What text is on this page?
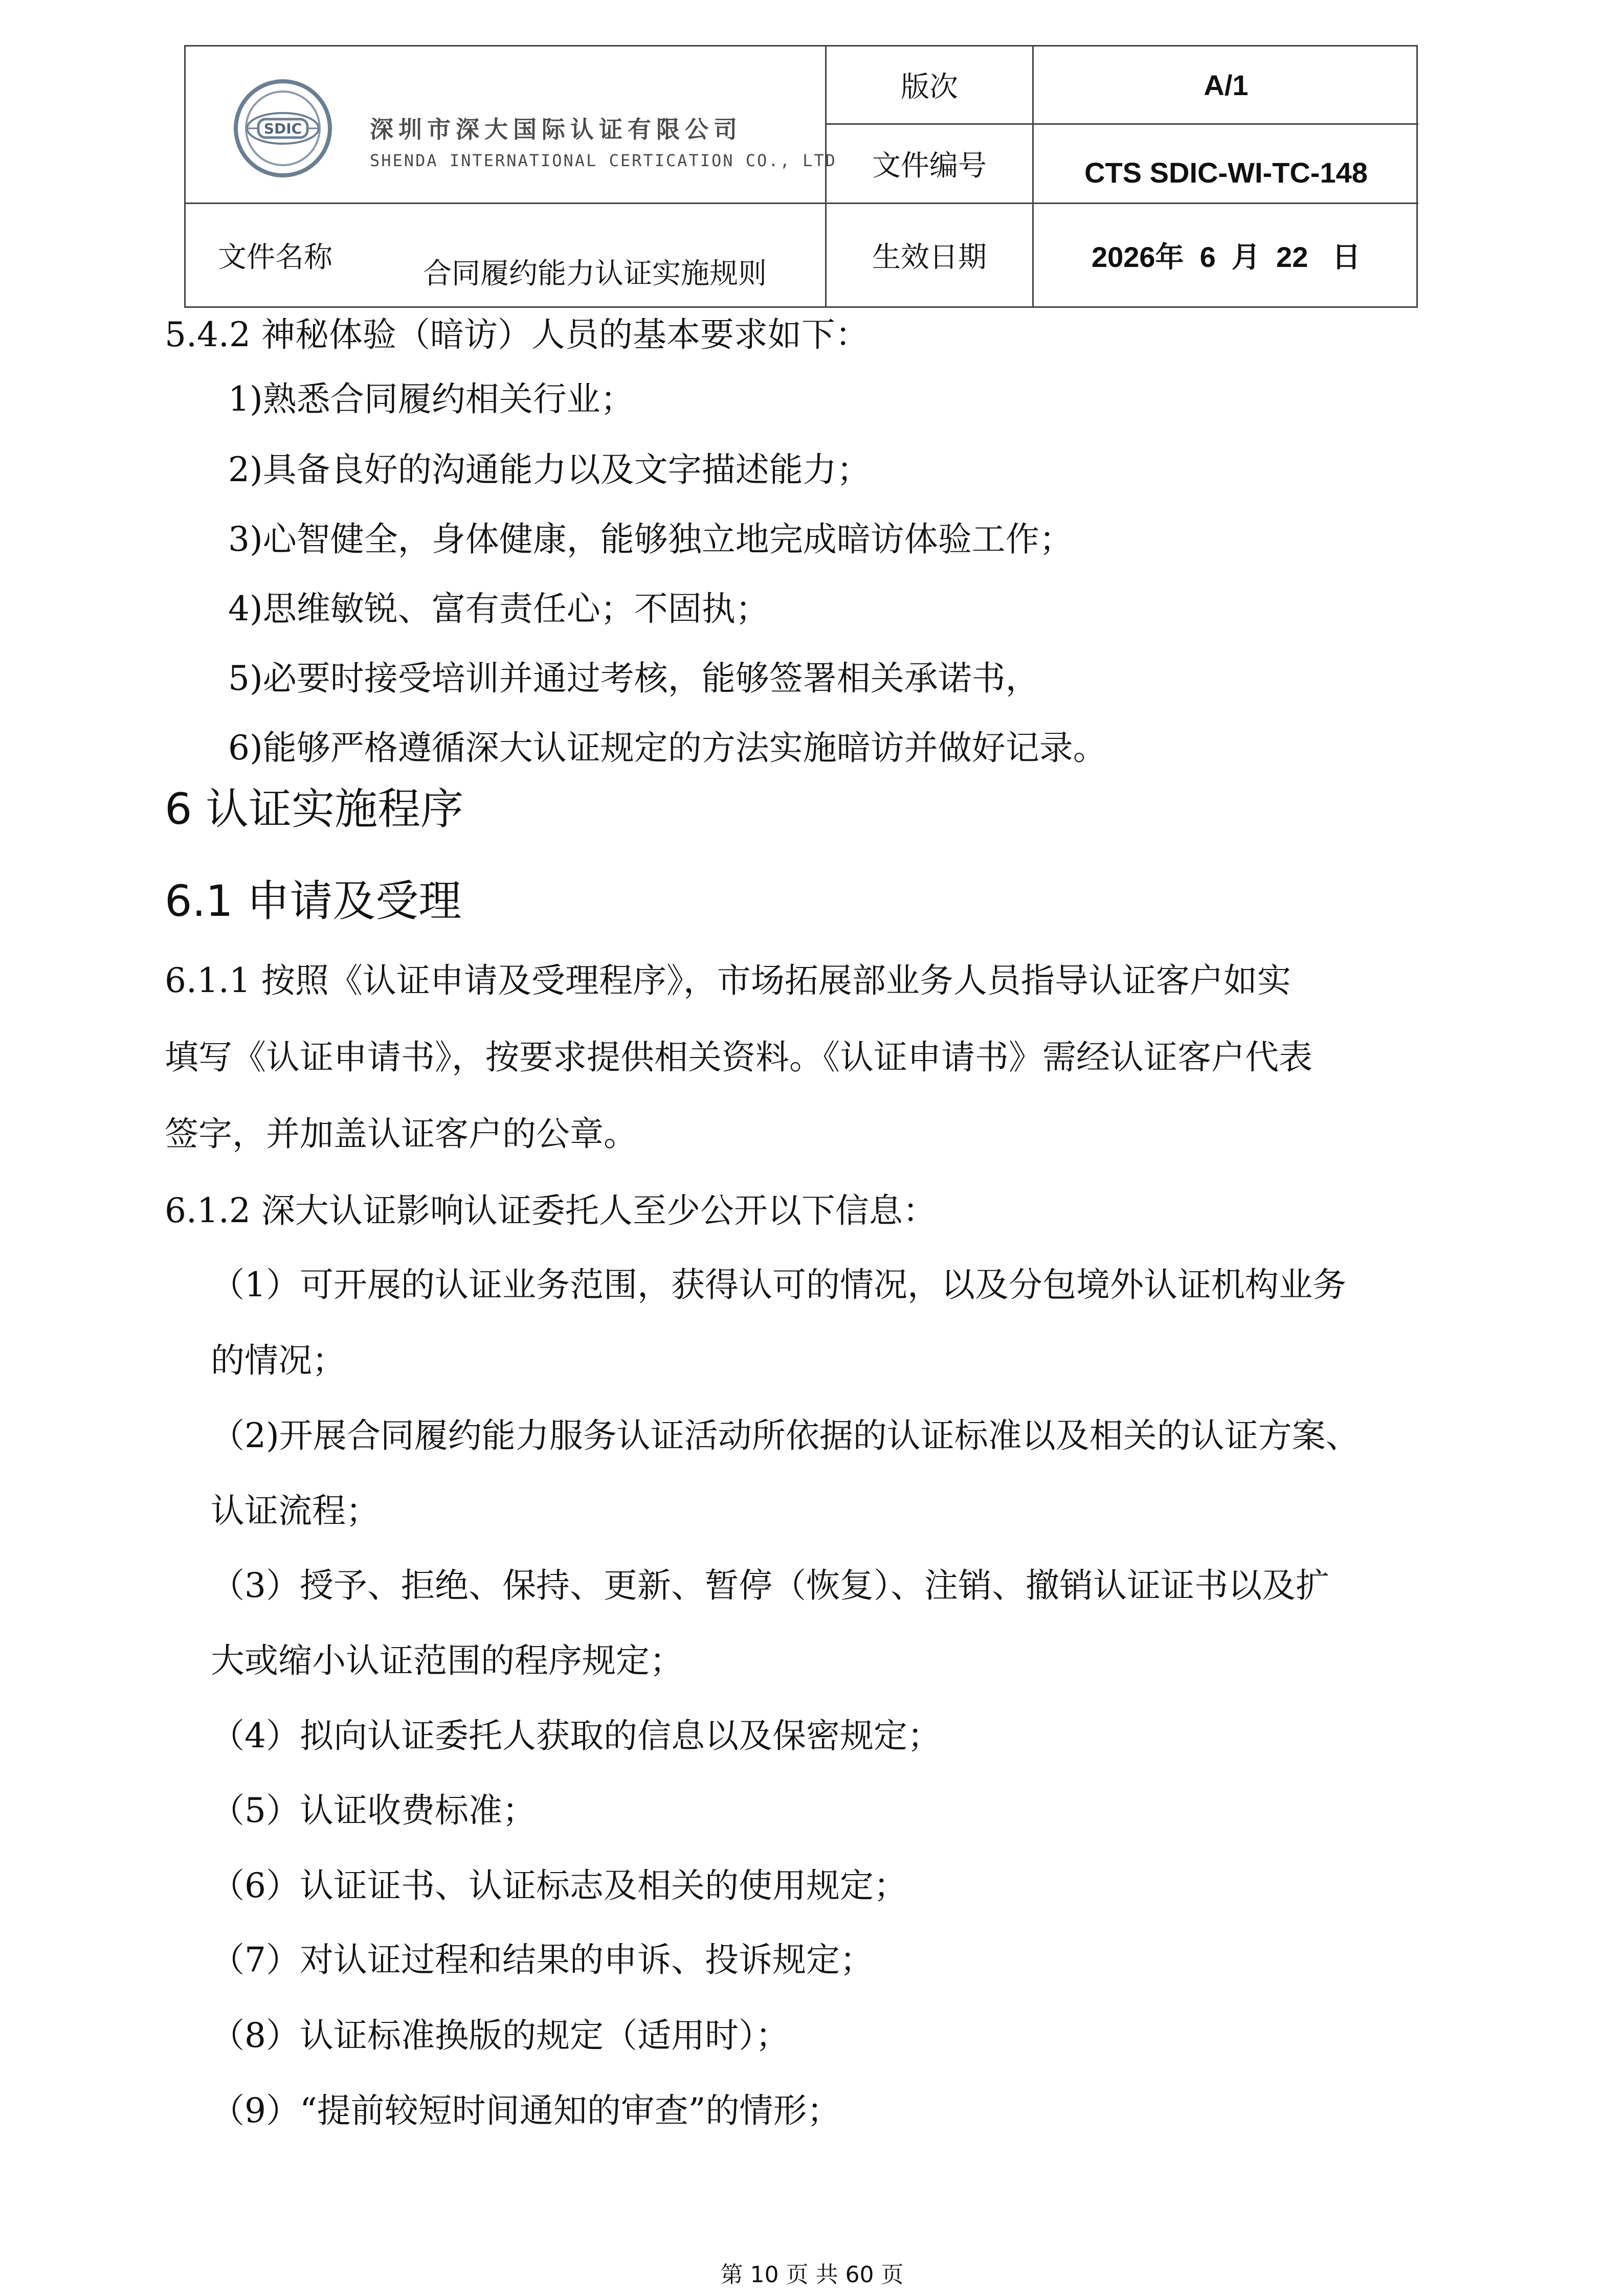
SDIC	深圳市深大国际认证有限公司
SHENDA INTERNATIONAL CERTICATION CO., LTD
版次	A/1
文件编号	CTS SDIC-WI-TC-148
文件名称	合同履约能力认证实施规则	生效日期	2026年  6  月  22   日
5.4.2 神秘体验（暗访）人员的基本要求如下：
1)熟悉合同履约相关行业；
2)具备良好的沟通能力以及文字描述能力；
3)心智健全，身体健康，能够独立地完成暗访体验工作；
4)思维敏锐、富有责任心；不固执；
5)必要时接受培训并通过考核，能够签署相关承诺书，
6)能够严格遵循深大认证规定的方法实施暗访并做好记录。
6 认证实施程序
6.1 申请及受理
6.1.1 按照《认证申请及受理程序》，市场拓展部业务人员指导认证客户如实
填写《认证申请书》，按要求提供相关资料。《认证申请书》需经认证客户代表
签字，并加盖认证客户的公章。
6.1.2 深大认证影响认证委托人至少公开以下信息：
（1）可开展的认证业务范围，获得认可的情况，以及分包境外认证机构业务
的情况；
（2)开展合同履约能力服务认证活动所依据的认证标准以及相关的认证方案、
认证流程；
（3）授予、拒绝、保持、更新、暂停（恢复）、注销、撤销认证证书以及扩
大或缩小认证范围的程序规定；
（4）拟向认证委托人获取的信息以及保密规定；
（5）认证收费标准；
（6）认证证书、认证标志及相关的使用规定；
（7）对认证过程和结果的申诉、投诉规定；
（8）认证标准换版的规定（适用时）；
（9）“提前较短时间通知的审查”的情形；
第 10 页 共 60 页
